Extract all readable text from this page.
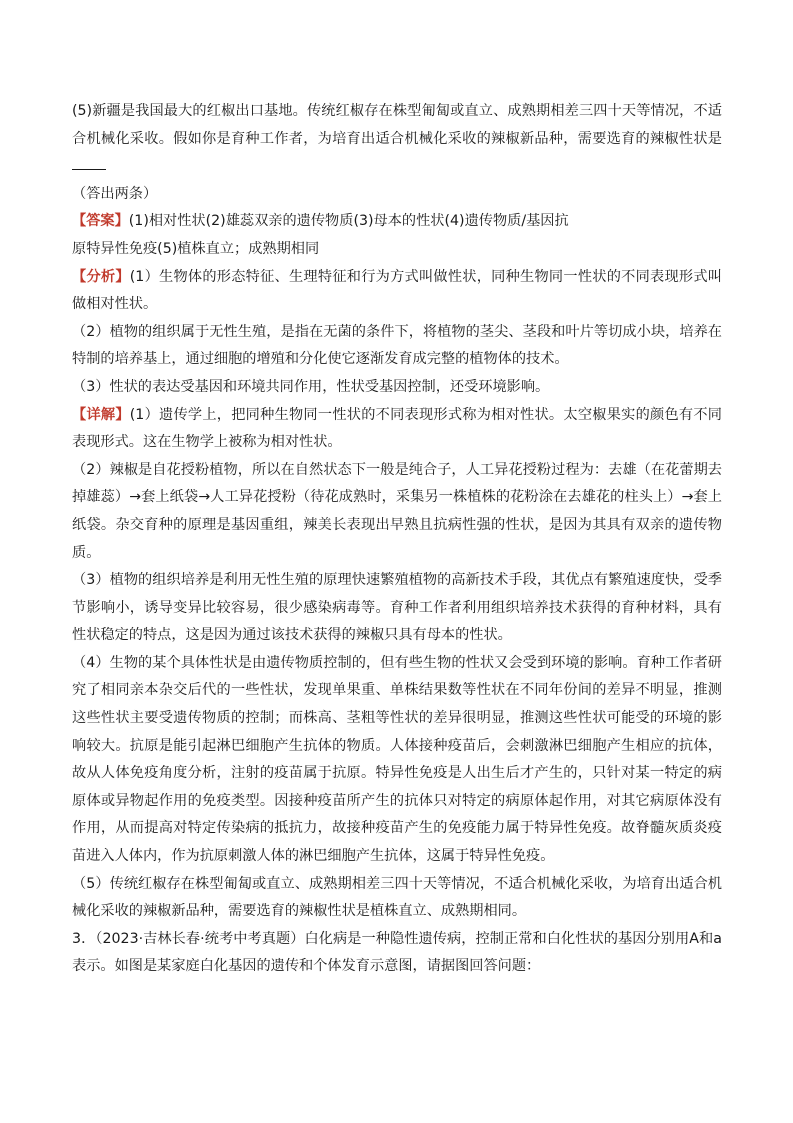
(5)新疆是我国最大的红椒出口基地。传统红椒存在株型匍匐或直立、成熟期相差三四十天等情况，不适合机械化采收。假如你是育种工作者，为培育出适合机械化采收的辣椒新品种，需要选育的辣椒性状是
（答出两条）

【答案】(1)相对性状(2)雄蕊双亲的遗传物质(3)母本的性状(4)遗传物质/基因抗
原特异性免疫(5)植株直立；成熟期相同

【分析】(1）生物体的形态特征、生理特征和行为方式叫做性状，同种生物同一性状的不同表现形式叫做相对性状。

（2）植物的组织属于无性生殖，是指在无菌的条件下，将植物的茎尖、茎段和叶片等切成小块，培养在特制的培养基上，通过细胞的增殖和分化使它逐渐发育成完整的植物体的技术。

（3）性状的表达受基因和环境共同作用，性状受基因控制，还受环境影响。

【详解】(1）遗传学上，把同种生物同一性状的不同表现形式称为相对性状。太空椒果实的颜色有不同表现形式。这在生物学上被称为相对性状。

（2）辣椒是自花授粉植物，所以在自然状态下一般是纯合子，人工异花授粉过程为：去雄（在花蕾期去掉雄蕊）→套上纸袋→人工异花授粉（待花成熟时，采集另一株植株的花粉涂在去雄花的柱头上）→套上纸袋。杂交育种的原理是基因重组，辣美长表现出早熟且抗病性强的性状，是因为其具有双亲的遗传物质。

（3）植物的组织培养是利用无性生殖的原理快速繁殖植物的高新技术手段，其优点有繁殖速度快，受季节影响小，诱导变异比较容易，很少感染病毒等。育种工作者利用组织培养技术获得的育种材料，具有性状稳定的特点，这是因为通过该技术获得的辣椒只具有母本的性状。

（4）生物的某个具体性状是由遗传物质控制的，但有些生物的性状又会受到环境的影响。育种工作者研究了相同亲本杂交后代的一些性状，发现单果重、单株结果数等性状在不同年份间的差异不明显，推测这些性状主要受遗传物质的控制；而株高、茎粗等性状的差异很明显，推测这些性状可能受的环境的影响较大。抗原是能引起淋巴细胞产生抗体的物质。人体接种疫苗后，会刺激淋巴细胞产生相应的抗体，故从人体免疫角度分析，注射的疫苗属于抗原。特异性免疫是人出生后才产生的，只针对某一特定的病原体或异物起作用的免疫类型。因接种疫苗所产生的抗体只对特定的病原体起作用，对其它病原体没有作用，从而提高对特定传染病的抵抗力，故接种疫苗产生的免疫能力属于特异性免疫。故脊髓灰质炎疫苗进入人体内，作为抗原刺激人体的淋巴细胞产生抗体，这属于特异性免疫。

（5）传统红椒存在株型匍匐或直立、成熟期相差三四十天等情况，不适合机械化采收，为培育出适合机械化采收的辣椒新品种，需要选育的辣椒性状是植株直立、成熟期相同。

3．（2023·吉林长春·统考中考真题）白化病是一种隐性遗传病，控制正常和白化性状的基因分别用A和a表示。如图是某家庭白化基因的遗传和个体发育示意图，请据图回答问题：
